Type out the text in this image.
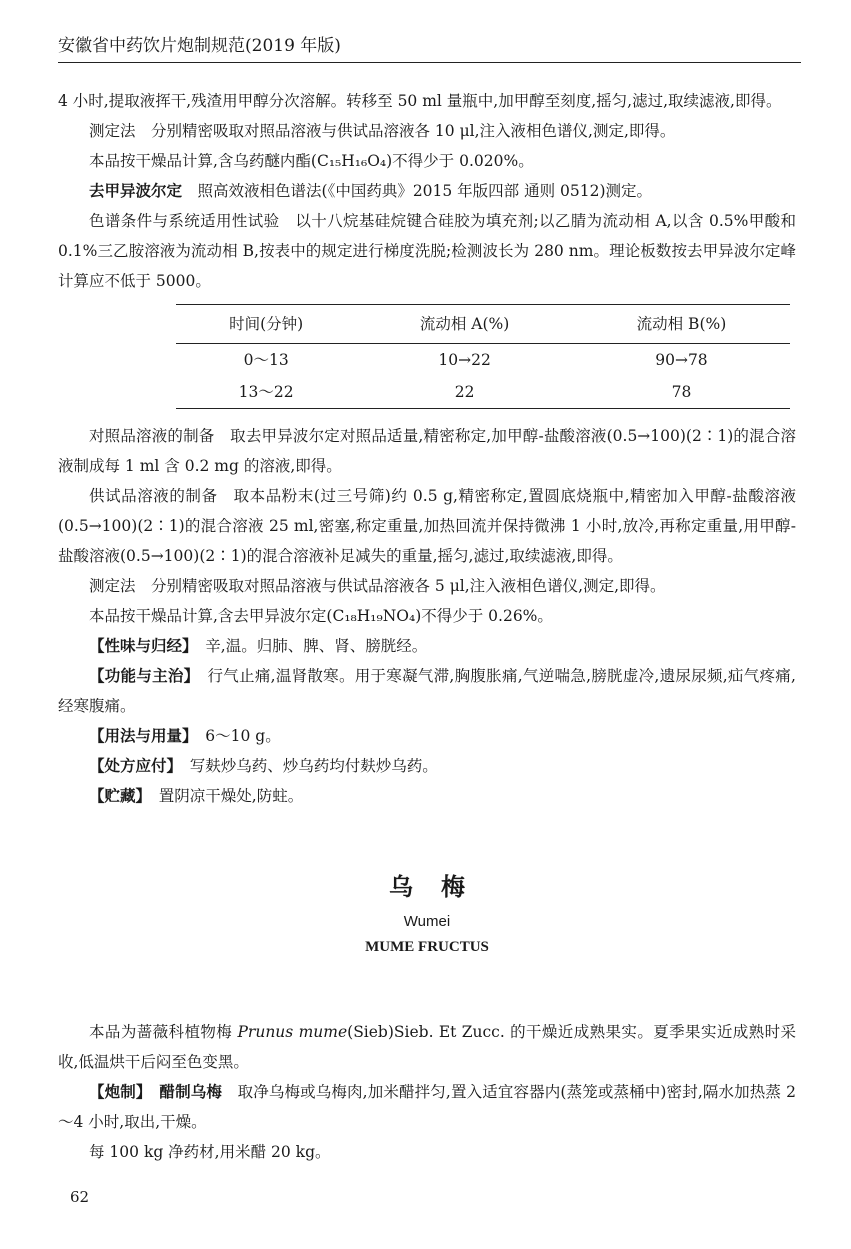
安徽省中药饮片炮制规范(2019 年版)

4 小时,提取液挥干,残渣用甲醇分次溶解。转移至 50 ml 量瓶中,加甲醇至刻度,摇匀,滤过,取续滤液,即得。

测定法　分别精密吸取对照品溶液与供试品溶液各 10 μl,注入液相色谱仪,测定,即得。

本品按干燥品计算,含乌药醚内酯(C₁₅H₁₆O₄)不得少于 0.020%。

去甲异波尔定　照高效液相色谱法(《中国药典》2015 年版四部 通则 0512)测定。

色谱条件与系统适用性试验　以十八烷基硅烷键合硅胶为填充剂;以乙腈为流动相 A,以含 0.5%甲酸和 0.1%三乙胺溶液为流动相 B,按表中的规定进行梯度洗脱;检测波长为 280 nm。理论板数按去甲异波尔定峰计算应不低于 5000。

时间(分钟)	流动相 A(%)	流动相 B(%)
0～13	10→22	90→78
13～22	22	78

对照品溶液的制备　取去甲异波尔定对照品适量,精密称定,加甲醇-盐酸溶液(0.5→100)(2∶1)的混合溶液制成每 1 ml 含 0.2 mg 的溶液,即得。

供试品溶液的制备　取本品粉末(过三号筛)约 0.5 g,精密称定,置圆底烧瓶中,精密加入甲醇-盐酸溶液(0.5→100)(2∶1)的混合溶液 25 ml,密塞,称定重量,加热回流并保持微沸 1 小时,放冷,再称定重量,用甲醇-盐酸溶液(0.5→100)(2∶1)的混合溶液补足减失的重量,摇匀,滤过,取续滤液,即得。

测定法　分别精密吸取对照品溶液与供试品溶液各 5 μl,注入液相色谱仪,测定,即得。

本品按干燥品计算,含去甲异波尔定(C₁₈H₁₉NO₄)不得少于 0.26%。

【性味与归经】　辛,温。归肺、脾、肾、膀胱经。

【功能与主治】　行气止痛,温肾散寒。用于寒凝气滞,胸腹胀痛,气逆喘急,膀胱虚冷,遗尿尿频,疝气疼痛,经寒腹痛。

【用法与用量】　6～10 g。

【处方应付】　写麸炒乌药、炒乌药均付麸炒乌药。

【贮藏】　置阴凉干燥处,防蛀。

乌梅
Wumei
MUME FRUCTUS

本品为蔷薇科植物梅 Prunus mume(Sieb)Sieb. Et Zucc. 的干燥近成熟果实。夏季果实近成熟时采收,低温烘干后闷至色变黑。

【炮制】　醋制乌梅　取净乌梅或乌梅肉,加米醋拌匀,置入适宜容器内(蒸笼或蒸桶中)密封,隔水加热蒸 2～4 小时,取出,干燥。

每 100 kg 净药材,用米醋 20 kg。

62
